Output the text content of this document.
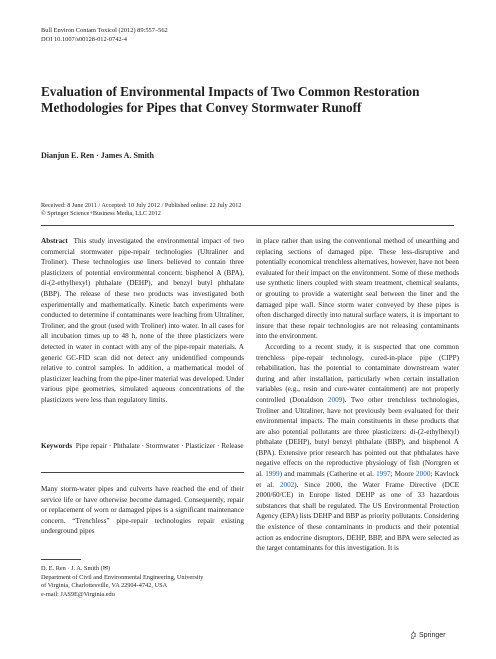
Bull Environ Contam Toxicol (2012) 89:557–562
DOI 10.1007/s00128-012-0742-4
Evaluation of Environmental Impacts of Two Common Restoration Methodologies for Pipes that Convey Stormwater Runoff
Dianjun E. Ren · James A. Smith
Received: 8 June 2011 / Accepted: 10 July 2012 / Published online: 22 July 2012
© Springer Science+Business Media, LLC 2012

Abstract This study investigated the environmental impact of two commercial stormwater pipe-repair technologies (Ultraliner and Troliner). These technologies use liners believed to contain three plasticizers of potential environmental concern: bisphenol A (BPA), di-(2-ethylhexyl) phthalate (DEHP), and benzyl butyl phthalate (BBP). The release of these two products was investigated both experimentally and mathematically. Kinetic batch experiments were conducted to determine if contaminants were leaching from Ultraliner, Troliner, and the grout (used with Troliner) into water. In all cases for all incubation times up to 48 h, none of the three plasticizers were detected in water in contact with any of the pipe-repair materials. A generic GC-FID scan did not detect any unidentified compounds relative to control samples. In addition, a mathematical model of plasticizer leaching from the pipe-liner material was developed. Under various pipe geometries, simulated aqueous concentrations of the plasticizers were less than regulatory limits.

Keywords Pipe repair · Phthalate · Stormwater · Plasticizer · Release
Many storm-water pipes and culverts have reached the end of their service life or have otherwise become damaged. Consequently, repair or replacement of worn or damaged pipes is a significant maintenance concern. “Trenchless” pipe-repair technologies repair existing underground pipes

in place rather than using the conventional method of unearthing and replacing sections of damaged pipe. These less-disruptive and potentially economical trenchless alternatives, however, have not been evaluated for their impact on the environment. Some of these methods use synthetic liners coupled with steam treatment, chemical sealants, or grouting to provide a watertight seal between the liner and the damaged pipe wall. Since storm water conveyed by these pipes is often discharged directly into natural surface waters, it is important to insure that these repair technologies are not releasing contaminants into the environment.

According to a recent study, it is suspected that one common trenchless pipe-repair technology, cured-in-place pipe (CIPP) rehabilitation, has the potential to contaminate downstream water during and after installation, particularly when certain installation variables (e.g., resin and cure-water containment) are not properly controlled (Donaldson 2009). Two other trenchless technologies, Troliner and Ultraliner, have not previously been evaluated for their environmental impacts. The main constituents in these products that are also potential pollutants are three plasticizers: di-(2-ethylhexyl) phthalate (DEHP), butyl benzyl phthalate (BBP), and bisphenol A (BPA). Extensive prior research has pointed out that phthalates have negative effects on the reproductive physiology of fish (Norrgren et al. 1999) and mammals (Catherine et al. 1997; Moore 2000; Kavlock et al. 2002). Since 2000, the Water Frame Directive (DCE 2000/60/CE) in Europe listed DEHP as one of 33 hazardous substances that shall be regulated. The US Environmental Protection Agency (EPA) lists DEHP and BBP as priority pollutants. Considering the existence of these contaminants in products and their potential action as endocrine disruptors, DEHP, BBP, and BPA were selected as the target contaminants for this investigation. It is

D. E. Ren · J. A. Smith (✉)
Department of Civil and Environmental Engineering, University
of Virginia, Charlottesville, VA 22904-4742, USA
e-mail: JAS9E@Virginia.edu
Springer
